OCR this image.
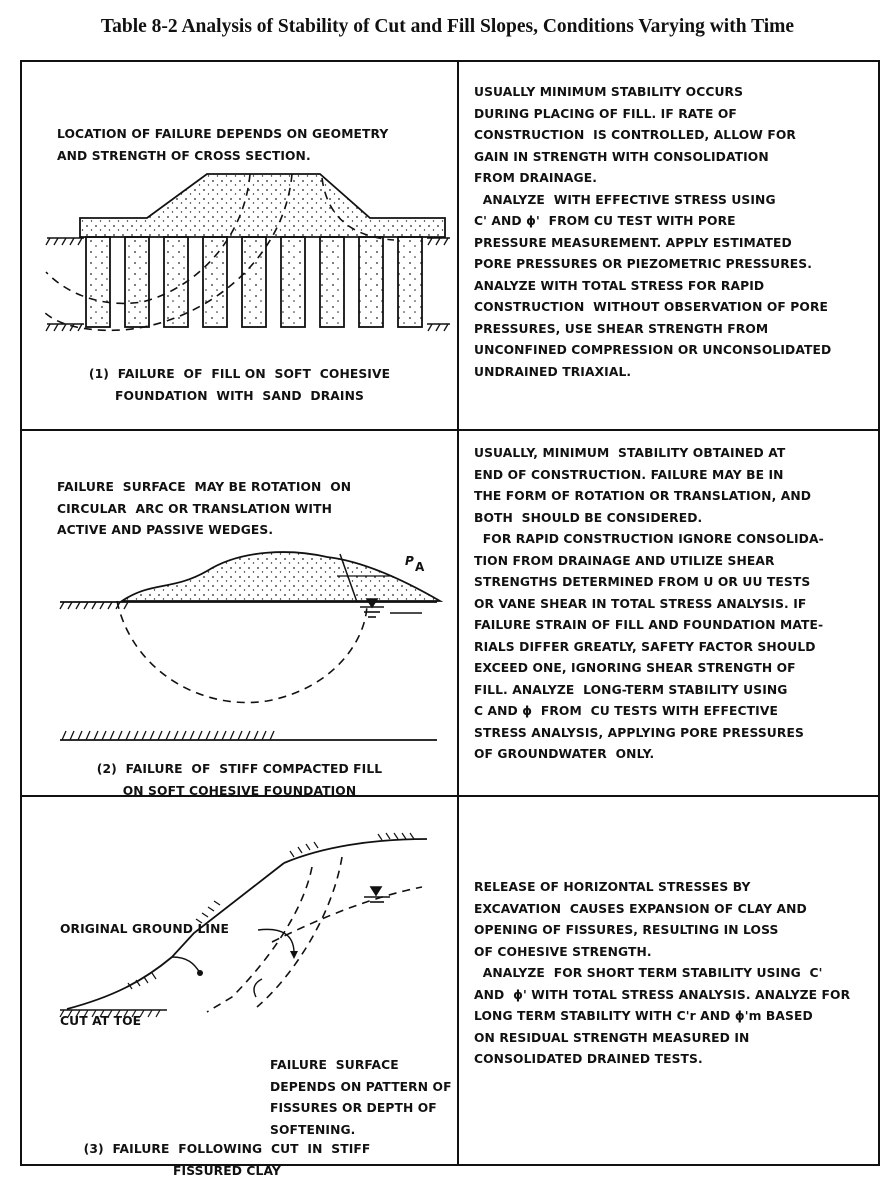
Table 8-2 Analysis of Stability of Cut and Fill Slopes, Conditions Varying with Time
LOCATION OF FAILURE DEPENDS ON GEOMETRY
AND STRENGTH OF CROSS SECTION.
(1)  FAILURE  OF  FILL ON  SOFT  COHESIVE
FOUNDATION  WITH  SAND  DRAINS
USUALLY MINIMUM STABILITY OCCURS
DURING PLACING OF FILL. IF RATE OF
CONSTRUCTION  IS CONTROLLED, ALLOW FOR
GAIN IN STRENGTH WITH CONSOLIDATION
FROM DRAINAGE.
ANALYZE  WITH EFFECTIVE STRESS USING
C' AND ϕ'  FROM CU TEST WITH PORE
PRESSURE MEASUREMENT. APPLY ESTIMATED
PORE PRESSURES OR PIEZOMETRIC PRESSURES.
ANALYZE WITH TOTAL STRESS FOR RAPID
CONSTRUCTION  WITHOUT OBSERVATION OF PORE
PRESSURES, USE SHEAR STRENGTH FROM
UNCONFINED COMPRESSION OR UNCONSOLIDATED
UNDRAINED TRIAXIAL.
FAILURE  SURFACE  MAY BE ROTATION  ON
CIRCULAR  ARC OR TRANSLATION WITH
ACTIVE AND PASSIVE WEDGES.
P A
(2)  FAILURE  OF  STIFF COMPACTED FILL
ON SOFT COHESIVE FOUNDATION
USUALLY, MINIMUM  STABILITY OBTAINED AT
END OF CONSTRUCTION. FAILURE MAY BE IN
THE FORM OF ROTATION OR TRANSLATION, AND
BOTH  SHOULD BE CONSIDERED.
FOR RAPID CONSTRUCTION IGNORE CONSOLIDA-
TION FROM DRAINAGE AND UTILIZE SHEAR
STRENGTHS DETERMINED FROM U OR UU TESTS
OR VANE SHEAR IN TOTAL STRESS ANALYSIS. IF
FAILURE STRAIN OF FILL AND FOUNDATION MATE-
RIALS DIFFER GREATLY, SAFETY FACTOR SHOULD
EXCEED ONE, IGNORING SHEAR STRENGTH OF
FILL. ANALYZE  LONG-TERM STABILITY USING
C AND ϕ  FROM  CU TESTS WITH EFFECTIVE
STRESS ANALYSIS, APPLYING PORE PRESSURES
OF GROUNDWATER  ONLY.
ORIGINAL GROUND LINE
CUT AT TOE
FAILURE  SURFACE
DEPENDS ON PATTERN OF
FISSURES OR DEPTH OF
SOFTENING.
(3)  FAILURE  FOLLOWING  CUT  IN  STIFF
FISSURED CLAY
RELEASE OF HORIZONTAL STRESSES BY
EXCAVATION  CAUSES EXPANSION OF CLAY AND
OPENING OF FISSURES, RESULTING IN LOSS
OF COHESIVE STRENGTH.
ANALYZE  FOR SHORT TERM STABILITY USING  C'
AND  ϕ' WITH TOTAL STRESS ANALYSIS. ANALYZE FOR
LONG TERM STABILITY WITH C'r AND ϕ'm BASED
ON RESIDUAL STRENGTH MEASURED IN
CONSOLIDATED DRAINED TESTS.
